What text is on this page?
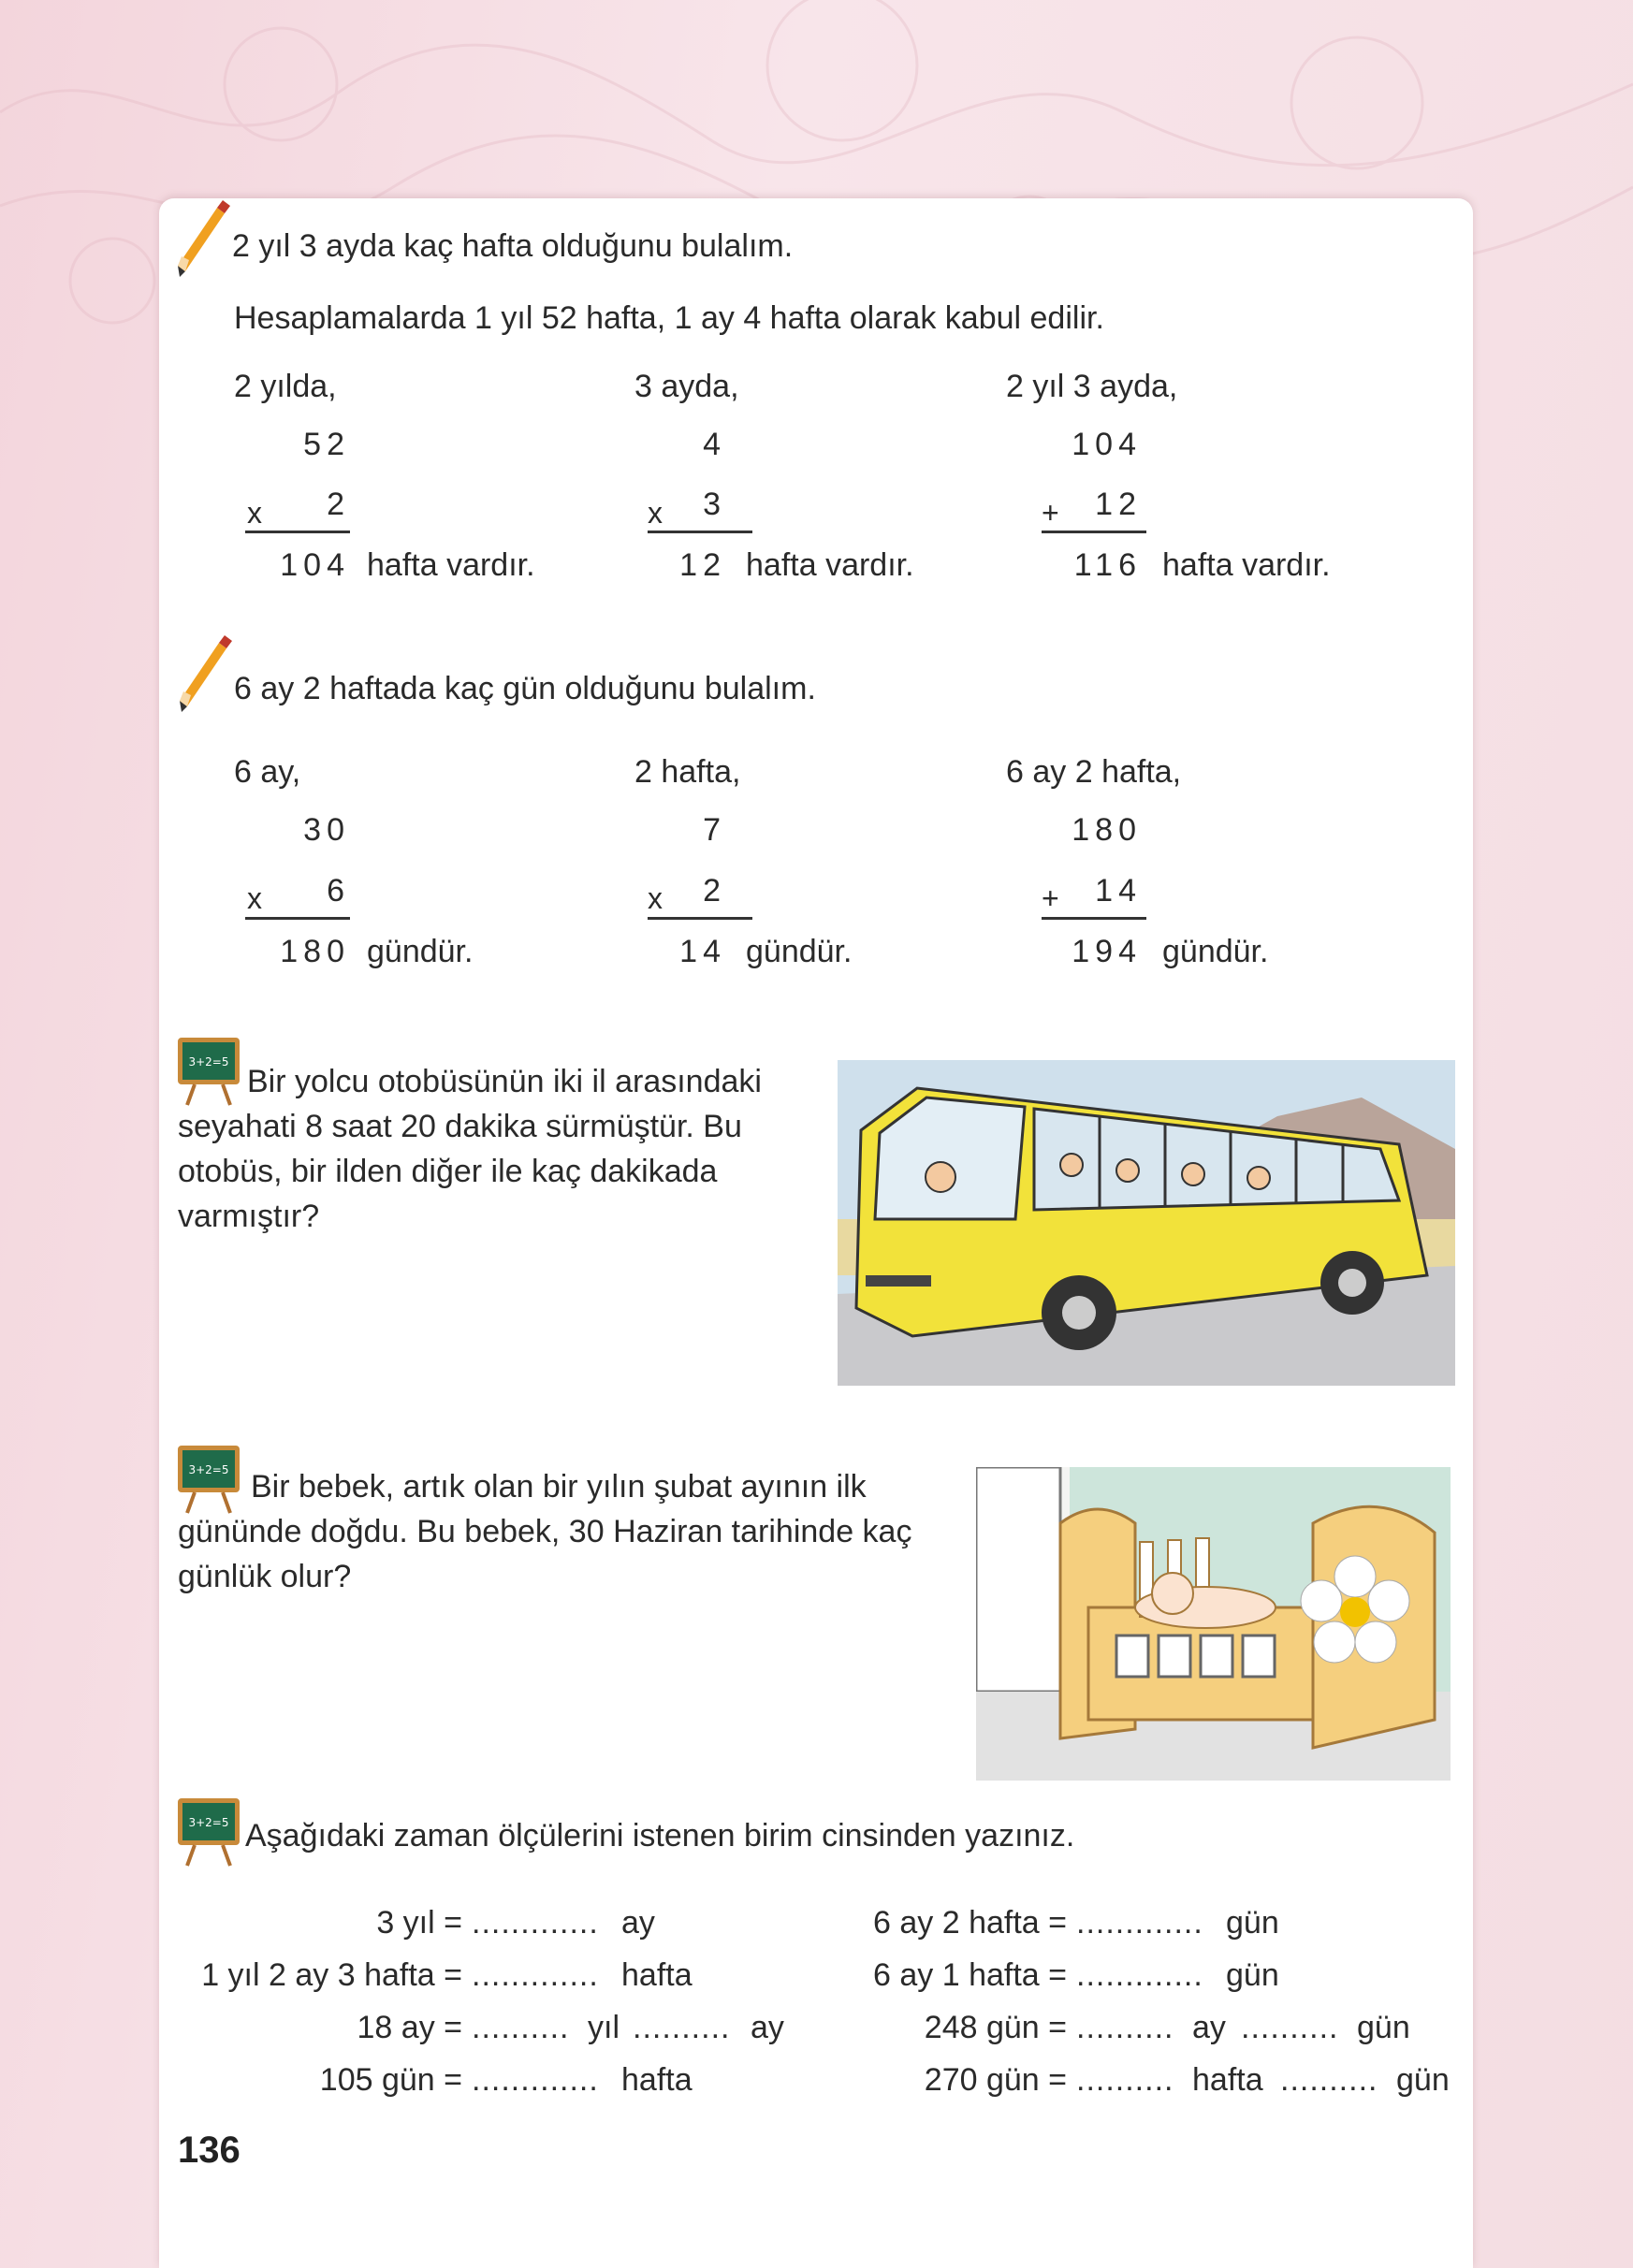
2 yıl 3 ayda kaç hafta olduğunu bulalım.
Hesaplamalarda 1 yıl 52 hafta, 1 ay 4 hafta olarak kabul edilir.
2 yılda,
52
x	2
104 hafta vardır.
3 ayda,
4
x	3
12 hafta vardır.
2 yıl 3 ayda,
104
+	12
116 hafta vardır.
6 ay 2 haftada kaç gün olduğunu bulalım.
6 ay,
30
x	6
180 gündür.
2 hafta,
7
x	2
14 gündür.
6 ay 2 hafta,
180
+	14
194 gündür.
3+2=5
Bir yolcu otobüsünün iki il arasındaki
seyahati 8 saat 20 dakika sürmüştür. Bu
otobüs, bir ilden diğer ile kaç dakikada
varmıştır?
3+2=5 Bir bebek, artık olan bir yılın şubat ayının ilk
gününde doğdu. Bu bebek, 30 Haziran tarihinde kaç
günlük olur?
3+2=5 Aşağıdaki zaman ölçülerini istenen birim cinsinden yazınız.
3 yıl = ............. ay
1 yıl 2 ay 3 hafta = ............. hafta
18 ay = .......... yıl .......... ay
105 gün = ............. hafta
6 ay 2 hafta = ............. gün
6 ay 1 hafta = ............. gün
248 gün = .......... ay .......... gün
270 gün = .......... hafta .......... gün
136
